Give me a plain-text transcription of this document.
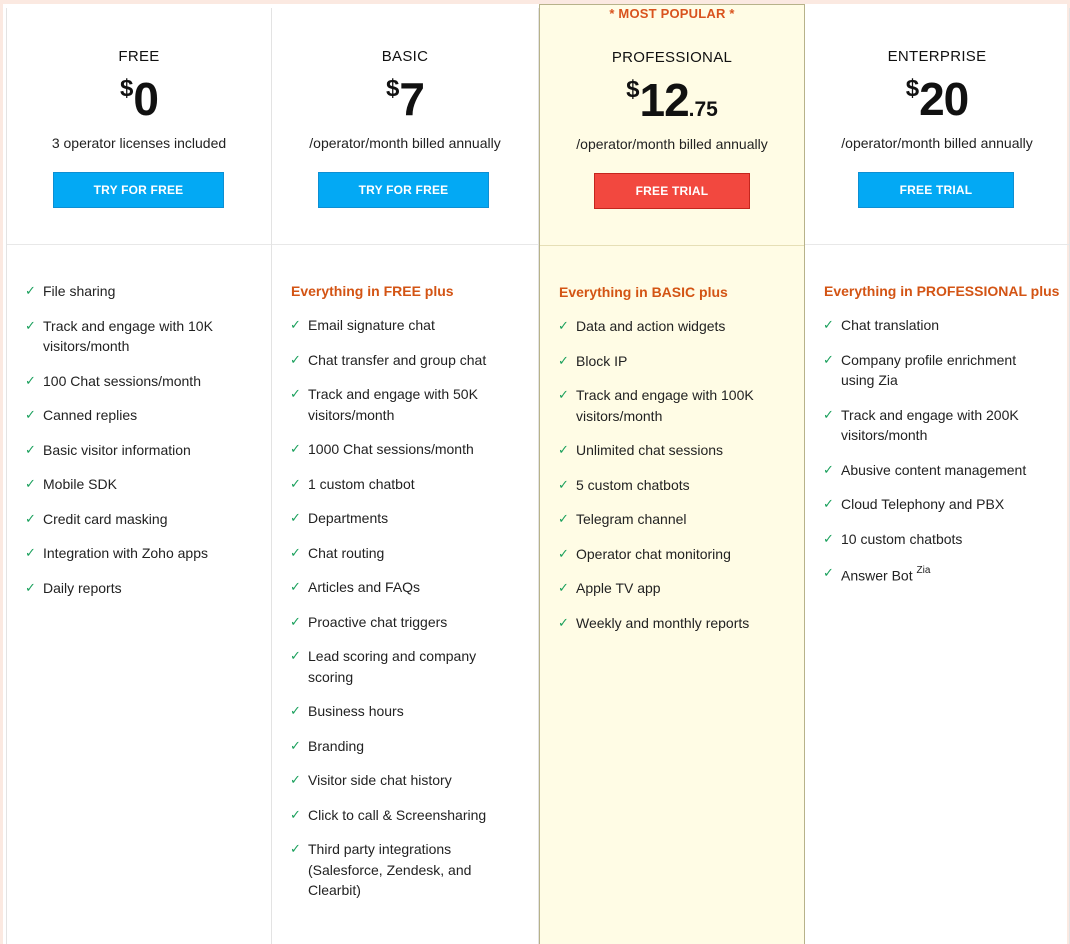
FREE
$0
3 operator licenses included
TRY FOR FREE
✓ File sharing
✓ Track and engage with 10K visitors/month
✓ 100 Chat sessions/month
✓ Canned replies
✓ Basic visitor information
✓ Mobile SDK
✓ Credit card masking
✓ Integration with Zoho apps
✓ Daily reports
BASIC
$7
/operator/month billed annually
TRY FOR FREE
Everything in FREE plus
✓ Email signature chat
✓ Chat transfer and group chat
✓ Track and engage with 50K visitors/month
✓ 1000 Chat sessions/month
✓ 1 custom chatbot
✓ Departments
✓ Chat routing
✓ Articles and FAQs
✓ Proactive chat triggers
✓ Lead scoring and company scoring
✓ Business hours
✓ Branding
✓ Visitor side chat history
✓ Click to call & Screensharing
✓ Third party integrations (Salesforce, Zendesk, and Clearbit)
* MOST POPULAR *
PROFESSIONAL
$12.75
/operator/month billed annually
FREE TRIAL
Everything in BASIC plus
✓ Data and action widgets
✓ Block IP
✓ Track and engage with 100K visitors/month
✓ Unlimited chat sessions
✓ 5 custom chatbots
✓ Telegram channel
✓ Operator chat monitoring
✓ Apple TV app
✓ Weekly and monthly reports
ENTERPRISE
$20
/operator/month billed annually
FREE TRIAL
Everything in PROFESSIONAL plus
✓ Chat translation
✓ Company profile enrichment using Zia
✓ Track and engage with 200K visitors/month
✓ Abusive content management
✓ Cloud Telephony and PBX
✓ 10 custom chatbots
✓ Answer Bot $^{Zia}$
